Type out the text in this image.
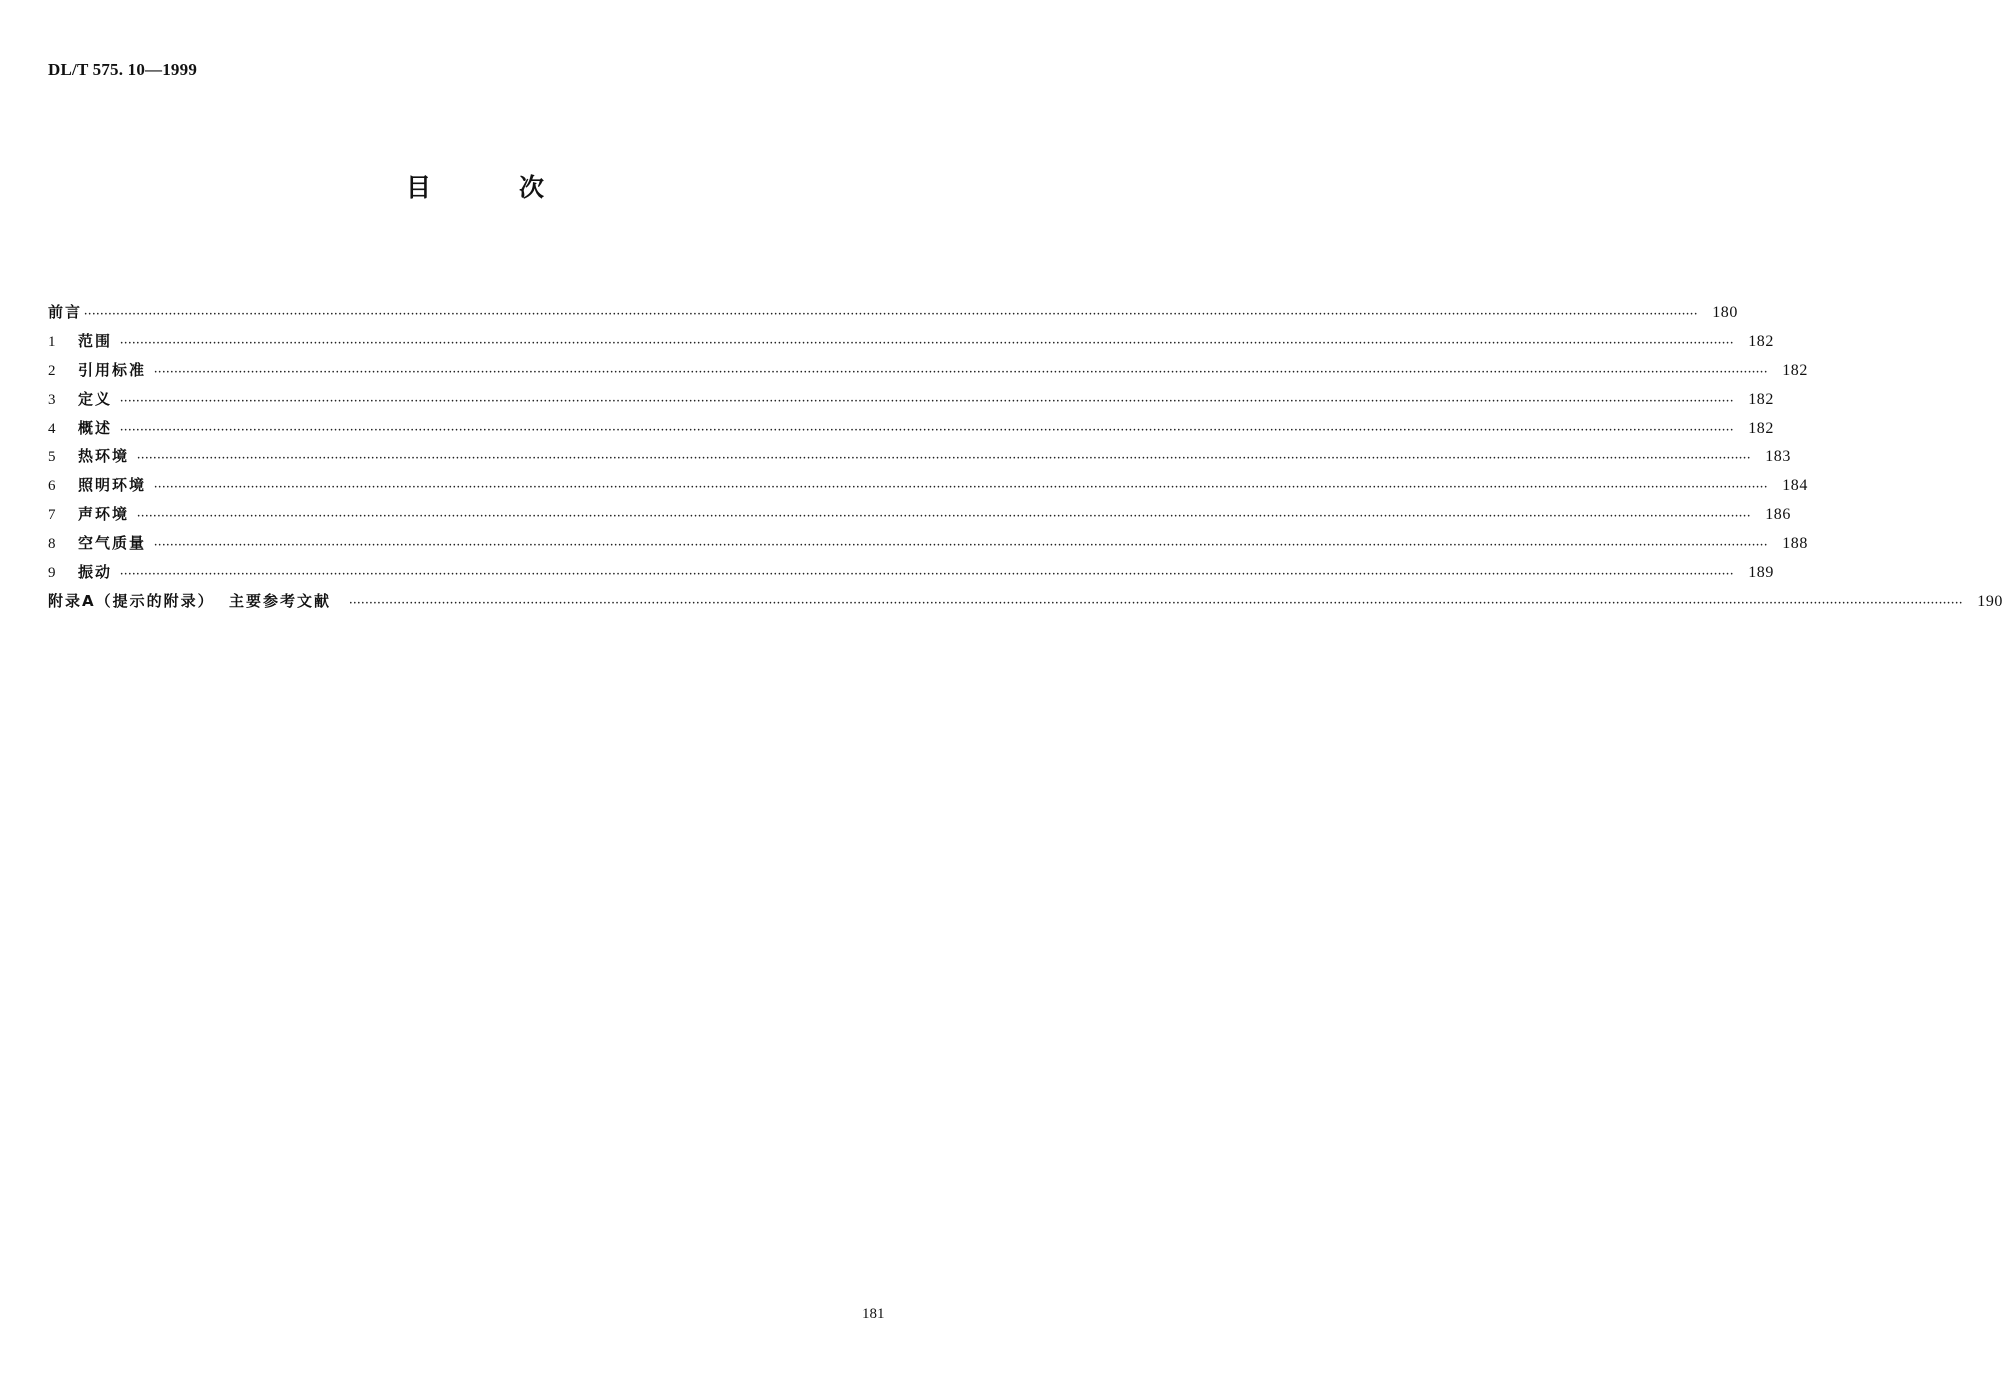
DL/T 575. 10—1999
目	次
前言 ················································································································································································································································································································································································································ 180
1	范围 ················································································································································································································································································································································································································ 182
2	引用标准 ················································································································································································································································································································································································································ 182
3	定义 ················································································································································································································································································································································································································ 182
4	概述 ················································································································································································································································································································································································································ 182
5	热环境 ················································································································································································································································································································································································································ 183
6	照明环境 ················································································································································································································································································································································································································ 184
7	声环境 ················································································································································································································································································································································································································ 186
8	空气质量 ················································································································································································································································································································································································································ 188
9	振动 ················································································································································································································································································································································································································ 189
附录A（提示的附录）  主要参考文献	················································································································································································································································································································································································································ 190
181
